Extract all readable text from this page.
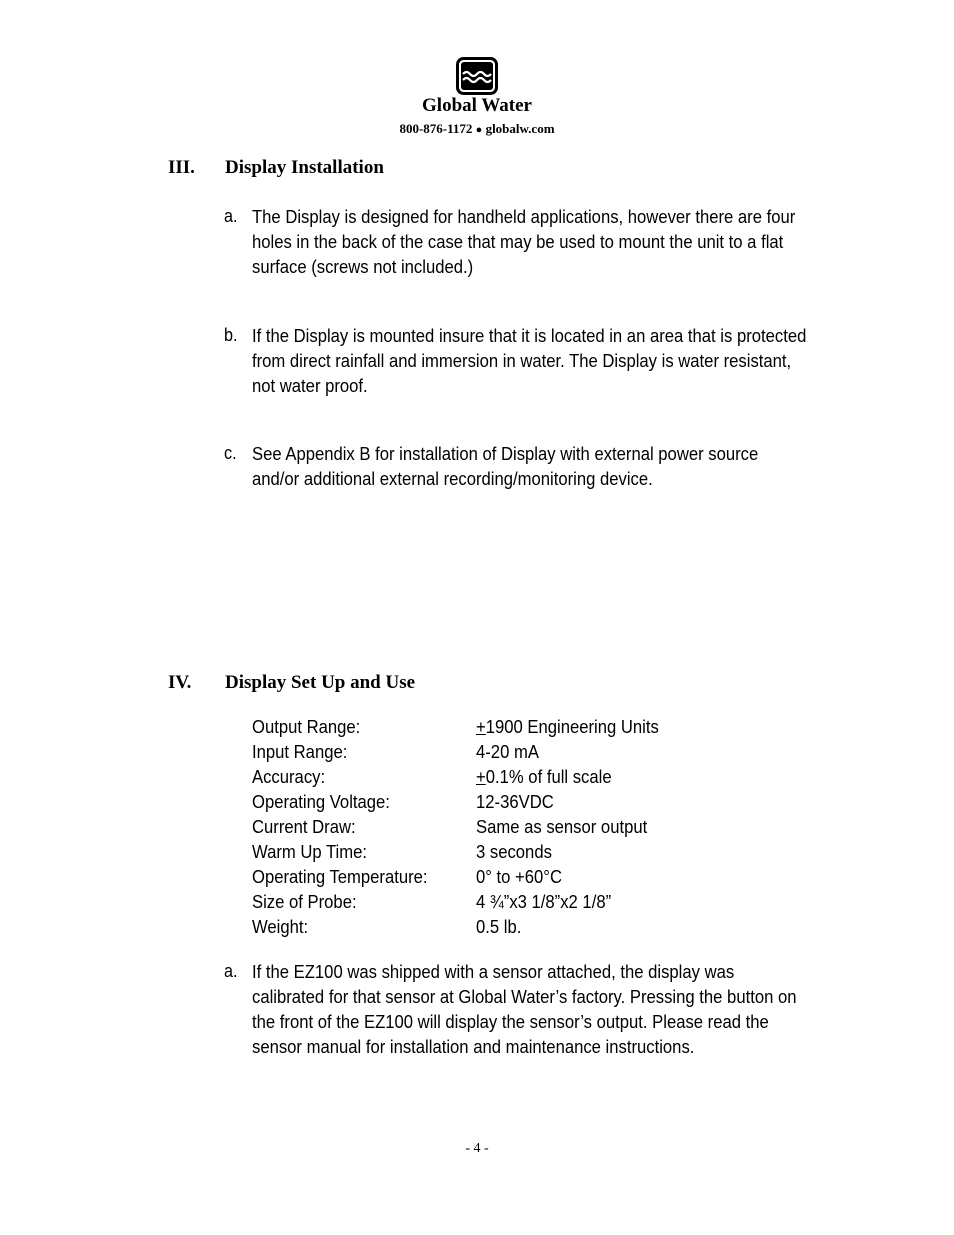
Global Water
800-876-1172 ● globalw.com
III. Display Installation
a. The Display is designed for handheld applications, however there are four holes in the back of the case that may be used to mount the unit to a flat surface (screws not included.)
b. If the Display is mounted insure that it is located in an area that is protected from direct rainfall and immersion in water. The Display is water resistant, not water proof.
c. See Appendix B for installation of Display with external power source and/or additional external recording/monitoring device.
IV. Display Set Up and Use
Output Range:	+1900 Engineering Units
Input Range:	4-20 mA
Accuracy:	+0.1% of full scale
Operating Voltage:	12-36VDC
Current Draw:	Same as sensor output
Warm Up Time:	3 seconds
Operating Temperature:	0° to +60°C
Size of Probe:	4 ¾”x3 1/8”x2 1/8”
Weight:	0.5 lb.
a. If the EZ100 was shipped with a sensor attached, the display was calibrated for that sensor at Global Water’s factory. Pressing the button on the front of the EZ100 will display the sensor’s output. Please read the sensor manual for installation and maintenance instructions.
- 4 -
